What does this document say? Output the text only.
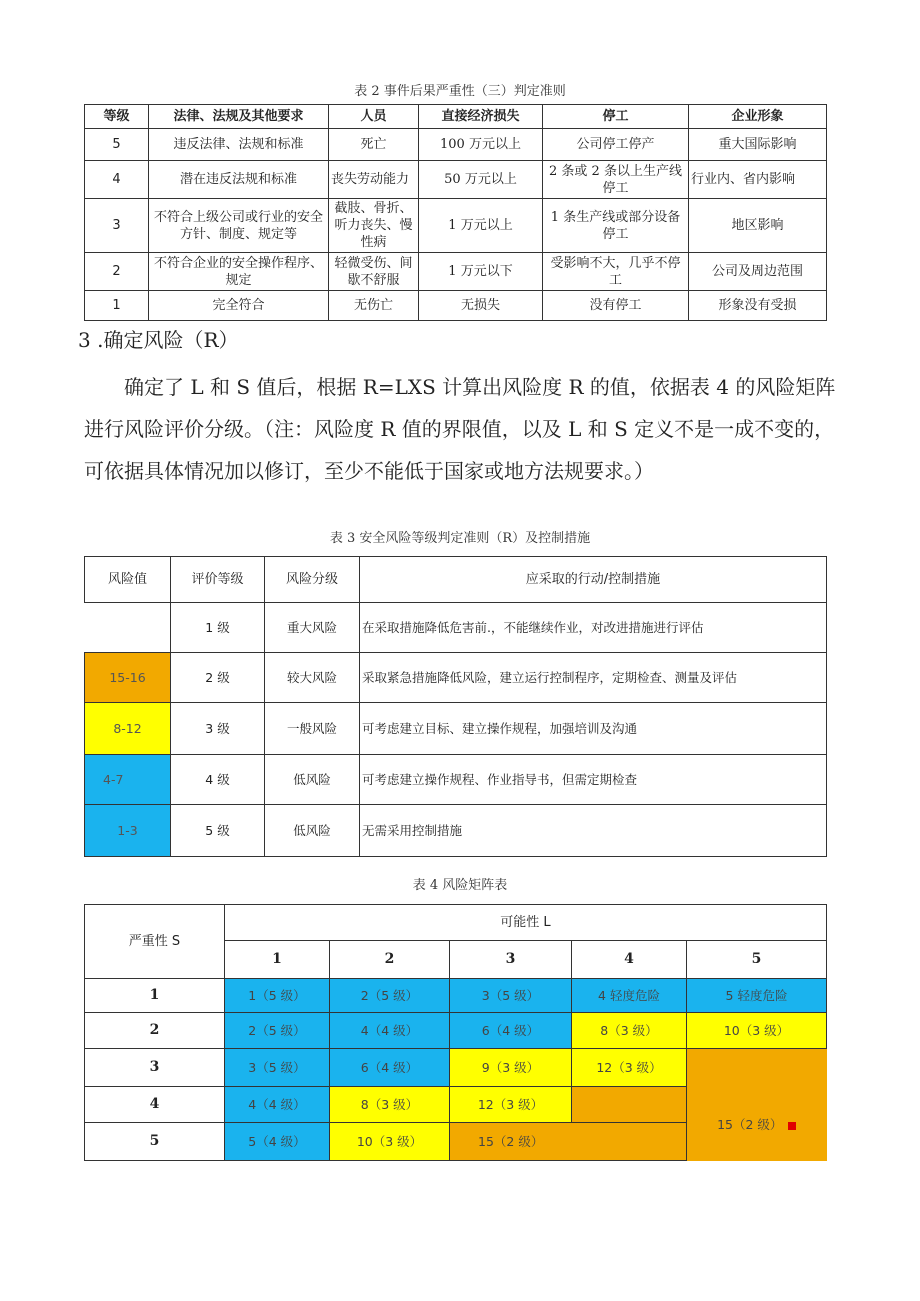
表 2 事件后果严重性（三）判定准则
等级	法律、法规及其他要求	人员	直接经济损失	停工	企业形象
5	违反法律、法规和标准	死亡	100 万元以上	公司停工停产	重大国际影响
4	潜在违反法规和标准	丧失劳动能力	50 万元以上	2 条或 2 条以上生产线停工	行业内、省内影响
3	不符合上级公司或行业的安全方针、制度、规定等	截肢、骨折、听力丧失、慢性病	1 万元以上	1 条生产线或部分设备停工	地区影响
2	不符合企业的安全操作程序、规定	轻微受伤、间歇不舒服	1 万元以下	受影响不大，几乎不停工	公司及周边范围
1	完全符合	无伤亡	无损失	没有停工	形象没有受损
3 .确定风险（R）
确定了 L 和 S 值后，根据 R=LXS 计算出风险度 R 的值，依据表 4 的风险矩阵进行风险评价分级。（注：风险度 R 值的界限值，以及 L 和 S 定义不是一成不变的，可依据具体情况加以修订，至少不能低于国家或地方法规要求。）
表 3 安全风险等级判定准则（R）及控制措施
风险值	评价等级	风险分级	应采取的行动/控制措施
	1 级	重大风险	在采取措施降低危害前.，不能继续作业，对改进措施进行评估
15-16	2 级	较大风险	采取紧急措施降低风险，建立运行控制程序，定期检查、测量及评估
8-12	3 级	一般风险	可考虑建立目标、建立操作规程，加强培训及沟通
4-7	4 级	低风险	可考虑建立操作规程、作业指导书，但需定期检查
1-3	5 级	低风险	无需采用控制措施
表 4 风险矩阵表
严重性 S	可能性 L				
	1	2	3	4	5
1	1（5 级）	2（5 级）	3（5 级）	4 轻度危险	5 轻度危险
2	2（5 级）	4（4 级）	6（4 级）	8（3 级）	10（3 级）
3	3（5 级）	6（4 级）	9（3 级）	12（3 级）	15（2 级）
4	4（4 级）	8（3 级）	12（3 级）		
5	5（4 级）	10（3 级）	15（2 级）		
